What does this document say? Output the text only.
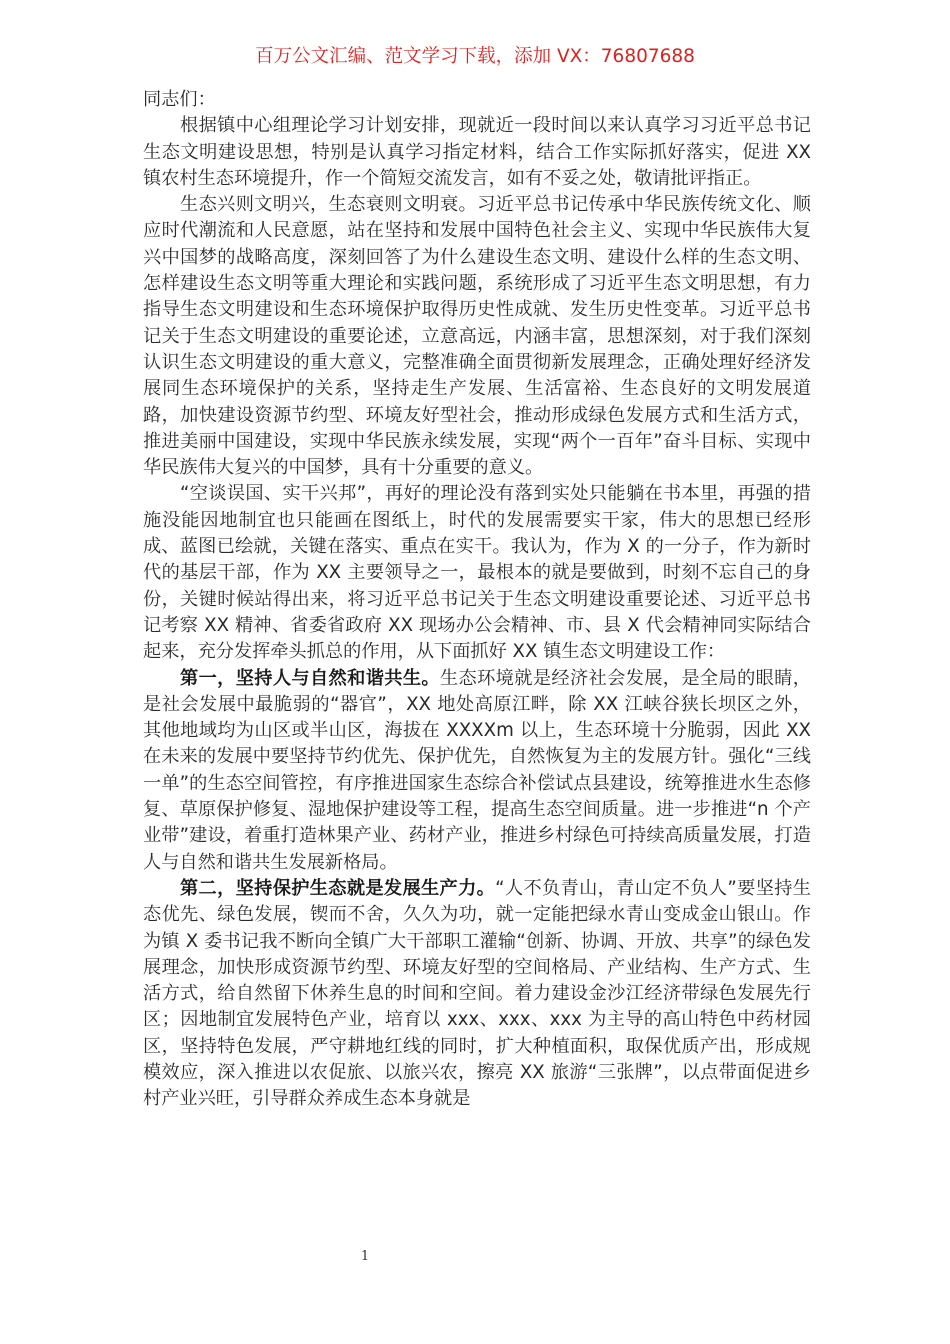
百万公文汇编、范文学习下载，添加 VX：76807688

同志们：

根据镇中心组理论学习计划安排，现就近一段时间以来认真学习习近平总书记生态文明建设思想，特别是认真学习指定材料，结合工作实际抓好落实，促进 XX 镇农村生态环境提升，作一个简短交流发言，如有不妥之处，敬请批评指正。

生态兴则文明兴，生态衰则文明衰。习近平总书记传承中华民族传统文化、顺应时代潮流和人民意愿，站在坚持和发展中国特色社会主义、实现中华民族伟大复兴中国梦的战略高度，深刻回答了为什么建设生态文明、建设什么样的生态文明、怎样建设生态文明等重大理论和实践问题，系统形成了习近平生态文明思想，有力指导生态文明建设和生态环境保护取得历史性成就、发生历史性变革。习近平总书记关于生态文明建设的重要论述，立意高远，内涵丰富，思想深刻，对于我们深刻认识生态文明建设的重大意义，完整准确全面贯彻新发展理念，正确处理好经济发展同生态环境保护的关系，坚持走生产发展、生活富裕、生态良好的文明发展道路，加快建设资源节约型、环境友好型社会，推动形成绿色发展方式和生活方式，推进美丽中国建设，实现中华民族永续发展，实现“两个一百年”奋斗目标、实现中华民族伟大复兴的中国梦，具有十分重要的意义。

“空谈误国、实干兴邦”，再好的理论没有落到实处只能躺在书本里，再强的措施没能因地制宜也只能画在图纸上，时代的发展需要实干家，伟大的思想已经形成、蓝图已绘就，关键在落实、重点在实干。我认为，作为 X 的一分子，作为新时代的基层干部，作为 XX 主要领导之一，最根本的就是要做到，时刻不忘自己的身份，关键时候站得出来，将习近平总书记关于生态文明建设重要论述、习近平总书记考察 XX 精神、省委省政府 XX 现场办公会精神、市、县 X 代会精神同实际结合起来，充分发挥牵头抓总的作用，从下面抓好 XX 镇生态文明建设工作：

第一，坚持人与自然和谐共生。生态环境就是经济社会发展，是全局的眼睛，是社会发展中最脆弱的“器官”，XX 地处高原江畔，除 XX 江峡谷狭长坝区之外，其他地域均为山区或半山区，海拔在 XXXXm 以上，生态环境十分脆弱，因此 XX 在未来的发展中要坚持节约优先、保护优先，自然恢复为主的发展方针。强化“三线一单”的生态空间管控，有序推进国家生态综合补偿试点县建设，统筹推进水生态修复、草原保护修复、湿地保护建设等工程，提高生态空间质量。进一步推进“n 个产业带”建设，着重打造林果产业、药材产业，推进乡村绿色可持续高质量发展，打造人与自然和谐共生发展新格局。

第二，坚持保护生态就是发展生产力。“人不负青山，青山定不负人”要坚持生态优先、绿色发展，锲而不舍，久久为功，就一定能把绿水青山变成金山银山。作为镇 X 委书记我不断向全镇广大干部职工灌输“创新、协调、开放、共享”的绿色发展理念，加快形成资源节约型、环境友好型的空间格局、产业结构、生产方式、生活方式，给自然留下休养生息的时间和空间。着力建设金沙江经济带绿色发展先行区；因地制宜发展特色产业，培育以 xxx、xxx、xxx 为主导的高山特色中药材园区，坚持特色发展，严守耕地红线的同时，扩大种植面积，取保优质产出，形成规模效应，深入推进以农促旅、以旅兴农，擦亮 XX 旅游“三张牌”，以点带面促进乡村产业兴旺，引导群众养成生态本身就是

1
